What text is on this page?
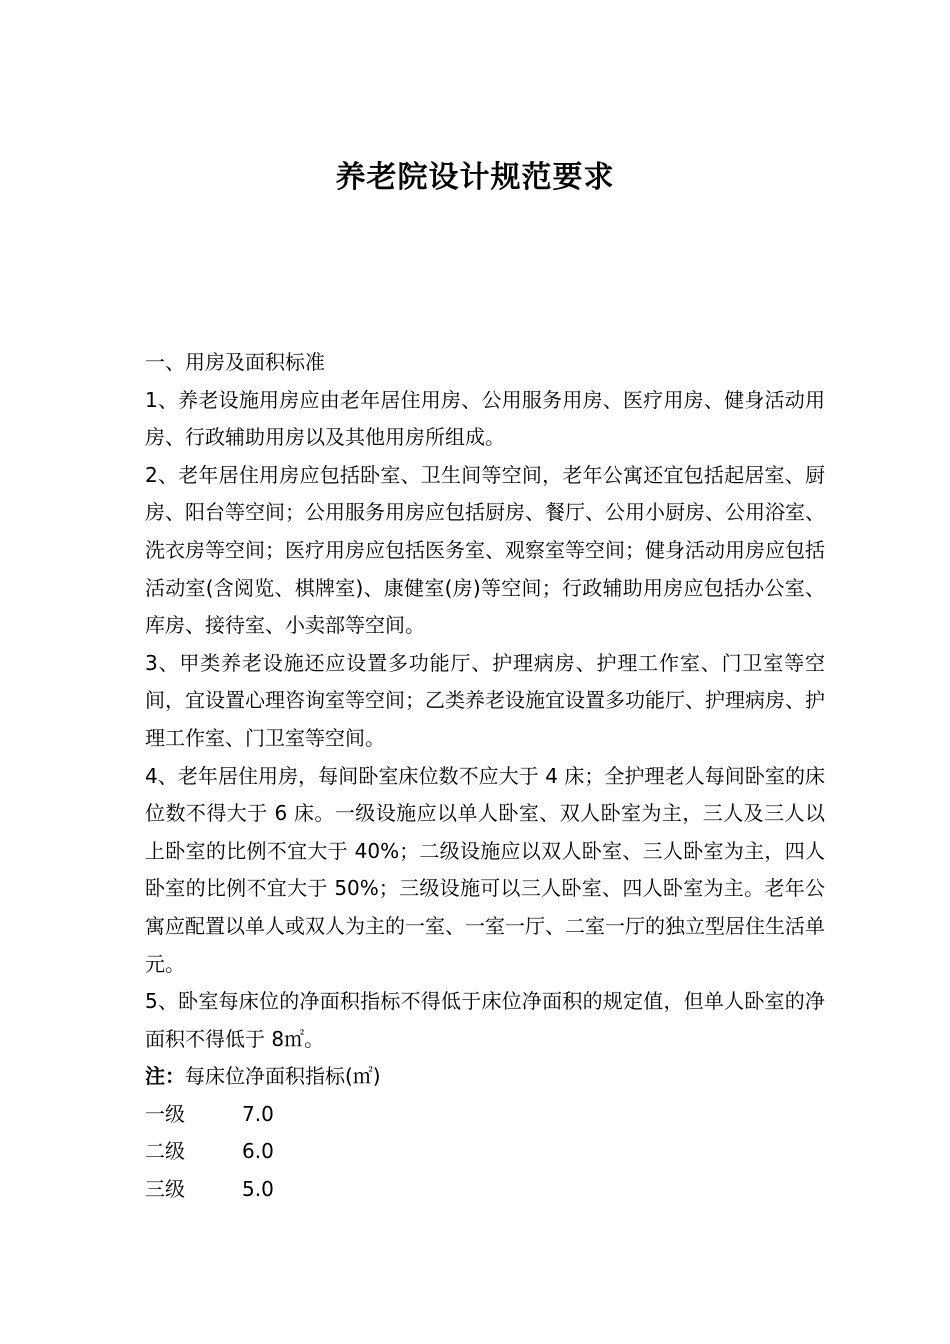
养老院设计规范要求

一、用房及面积标准

1、养老设施用房应由老年居住用房、公用服务用房、医疗用房、健身活动用房、行政辅助用房以及其他用房所组成。

2、老年居住用房应包括卧室、卫生间等空间，老年公寓还宜包括起居室、厨房、阳台等空间；公用服务用房应包括厨房、餐厅、公用小厨房、公用浴室、洗衣房等空间；医疗用房应包括医务室、观察室等空间；健身活动用房应包括活动室(含阅览、棋牌室)、康健室(房)等空间；行政辅助用房应包括办公室、库房、接待室、小卖部等空间。

3、甲类养老设施还应设置多功能厅、护理病房、护理工作室、门卫室等空间，宜设置心理咨询室等空间；乙类养老设施宜设置多功能厅、护理病房、护理工作室、门卫室等空间。

4、老年居住用房，每间卧室床位数不应大于 4 床；全护理老人每间卧室的床位数不得大于 6 床。一级设施应以单人卧室、双人卧室为主，三人及三人以上卧室的比例不宜大于 40%；二级设施应以双人卧室、三人卧室为主，四人卧室的比例不宜大于 50%；三级设施可以三人卧室、四人卧室为主。老年公寓应配置以单人或双人为主的一室、一室一厅、二室一厅的独立型居住生活单元。

5、卧室每床位的净面积指标不得低于床位净面积的规定值，但单人卧室的净面积不得低于 8㎡。

注：每床位净面积指标(㎡)

一级	7.0
二级	6.0
三级	5.0
